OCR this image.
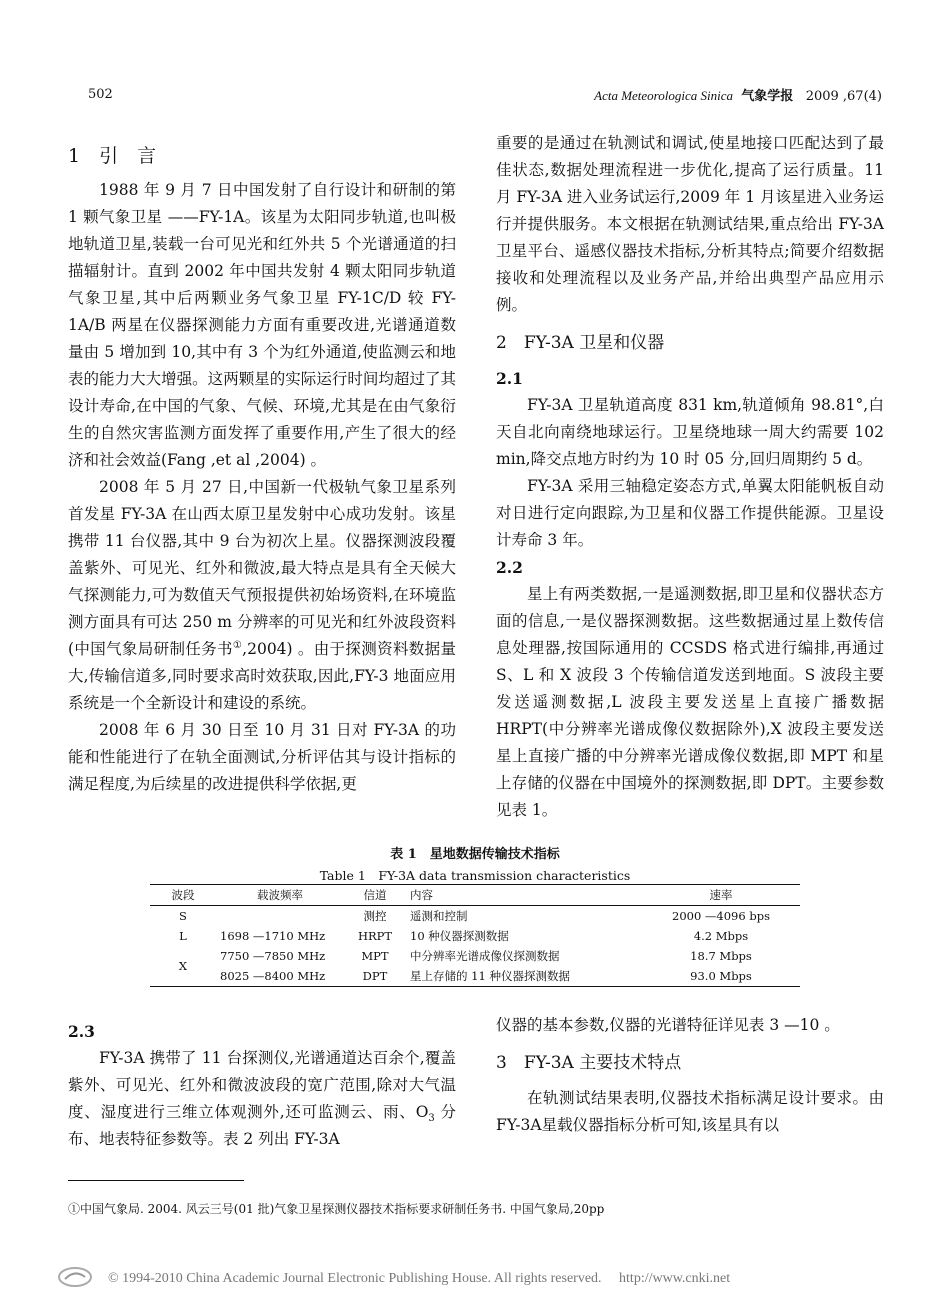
502	Acta Meteorologica Sinica 气象学报 2009 ,67(4)

1　引　言

1988 年 9 月 7 日中国发射了自行设计和研制的第 1 颗气象卫星 ——FY-1A。该星为太阳同步轨道,也叫极地轨道卫星,装载一台可见光和红外共 5 个光谱通道的扫描辐射计。直到 2002 年中国共发射 4 颗太阳同步轨道气象卫星,其中后两颗业务气象卫星 FY-1C/D 较 FY-1A/B 两星在仪器探测能力方面有重要改进,光谱通道数量由 5 增加到 10,其中有 3 个为红外通道,使监测云和地表的能力大大增强。这两颗星的实际运行时间均超过了其设计寿命,在中国的气象、气候、环境,尤其是在由气象衍生的自然灾害监测方面发挥了重要作用,产生了很大的经济和社会效益(Fang ,et al ,2004) 。

2008 年 5 月 27 日,中国新一代极轨气象卫星系列首发星 FY-3A 在山西太原卫星发射中心成功发射。该星携带 11 台仪器,其中 9 台为初次上星。仪器探测波段覆盖紫外、可见光、红外和微波,最大特点是具有全天候大气探测能力,可为数值天气预报提供初始场资料,在环境监测方面具有可达 250 m 分辨率的可见光和红外波段资料(中国气象局研制任务书①,2004) 。由于探测资料数据量大,传输信道多,同时要求高时效获取,因此,FY-3 地面应用系统是一个全新设计和建设的系统。

2008 年 6 月 30 日至 10 月 31 日对 FY-3A 的功能和性能进行了在轨全面测试,分析评估其与设计指标的满足程度,为后续星的改进提供科学依据,更

重要的是通过在轨测试和调试,使星地接口匹配达到了最佳状态,数据处理流程进一步优化,提高了运行质量。11 月 FY-3A 进入业务试运行,2009 年 1 月该星进入业务运行并提供服务。本文根据在轨测试结果,重点给出 FY-3A 卫星平台、遥感仪器技术指标,分析其特点;简要介绍数据接收和处理流程以及业务产品,并给出典型产品应用示例。

2　FY-3A 卫星和仪器

2.1

FY-3A 卫星轨道高度 831 km,轨道倾角 98.81°,白天自北向南绕地球运行。卫星绕地球一周大约需要 102 min,降交点地方时约为 10 时 05 分,回归周期约 5 d。

FY-3A 采用三轴稳定姿态方式,单翼太阳能帆板自动对日进行定向跟踪,为卫星和仪器工作提供能源。卫星设计寿命 3 年。

2.2

星上有两类数据,一是遥测数据,即卫星和仪器状态方面的信息,一是仪器探测数据。这些数据通过星上数传信息处理器,按国际通用的 CCSDS 格式进行编排,再通过 S、L 和 X 波段 3 个传输信道发送到地面。S 波段主要发送遥测数据,L 波段主要发送星上直接广播数据 HRPT(中分辨率光谱成像仪数据除外),X 波段主要发送星上直接广播的中分辨率光谱成像仪数据,即 MPT 和星上存储的仪器在中国境外的探测数据,即 DPT。主要参数见表 1。

表 1　星地数据传输技术指标
Table 1　FY-3A data transmission characteristics
波段	载波频率	信道	内容	速率
S		测控	遥测和控制	2000 —4096 bps
L	1698 —1710 MHz	HRPT	10 种仪器探测数据	4.2 Mbps
X	7750 —7850 MHz	MPT	中分辨率光谱成像仪探测数据	18.7 Mbps
	8025 —8400 MHz	DPT	星上存储的 11 种仪器探测数据	93.0 Mbps

2.3

FY-3A 携带了 11 台探测仪,光谱通道达百余个,覆盖紫外、可见光、红外和微波波段的宽广范围,除对大气温度、湿度进行三维立体观测外,还可监测云、雨、$O_3$ 分布、地表特征参数等。表 2 列出 FY-3A

仪器的基本参数,仪器的光谱特征详见表 3 —10 。

3　FY-3A 主要技术特点

在轨测试结果表明,仪器技术指标满足设计要求。由FY-3A星载仪器指标分析可知,该星具有以

①中国气象局. 2004. 风云三号(01 批)气象卫星探测仪器技术指标要求研制任务书. 中国气象局,20pp
© 1994-2010 China Academic Journal Electronic Publishing House. All rights reserved.　 http://www.cnki.net
